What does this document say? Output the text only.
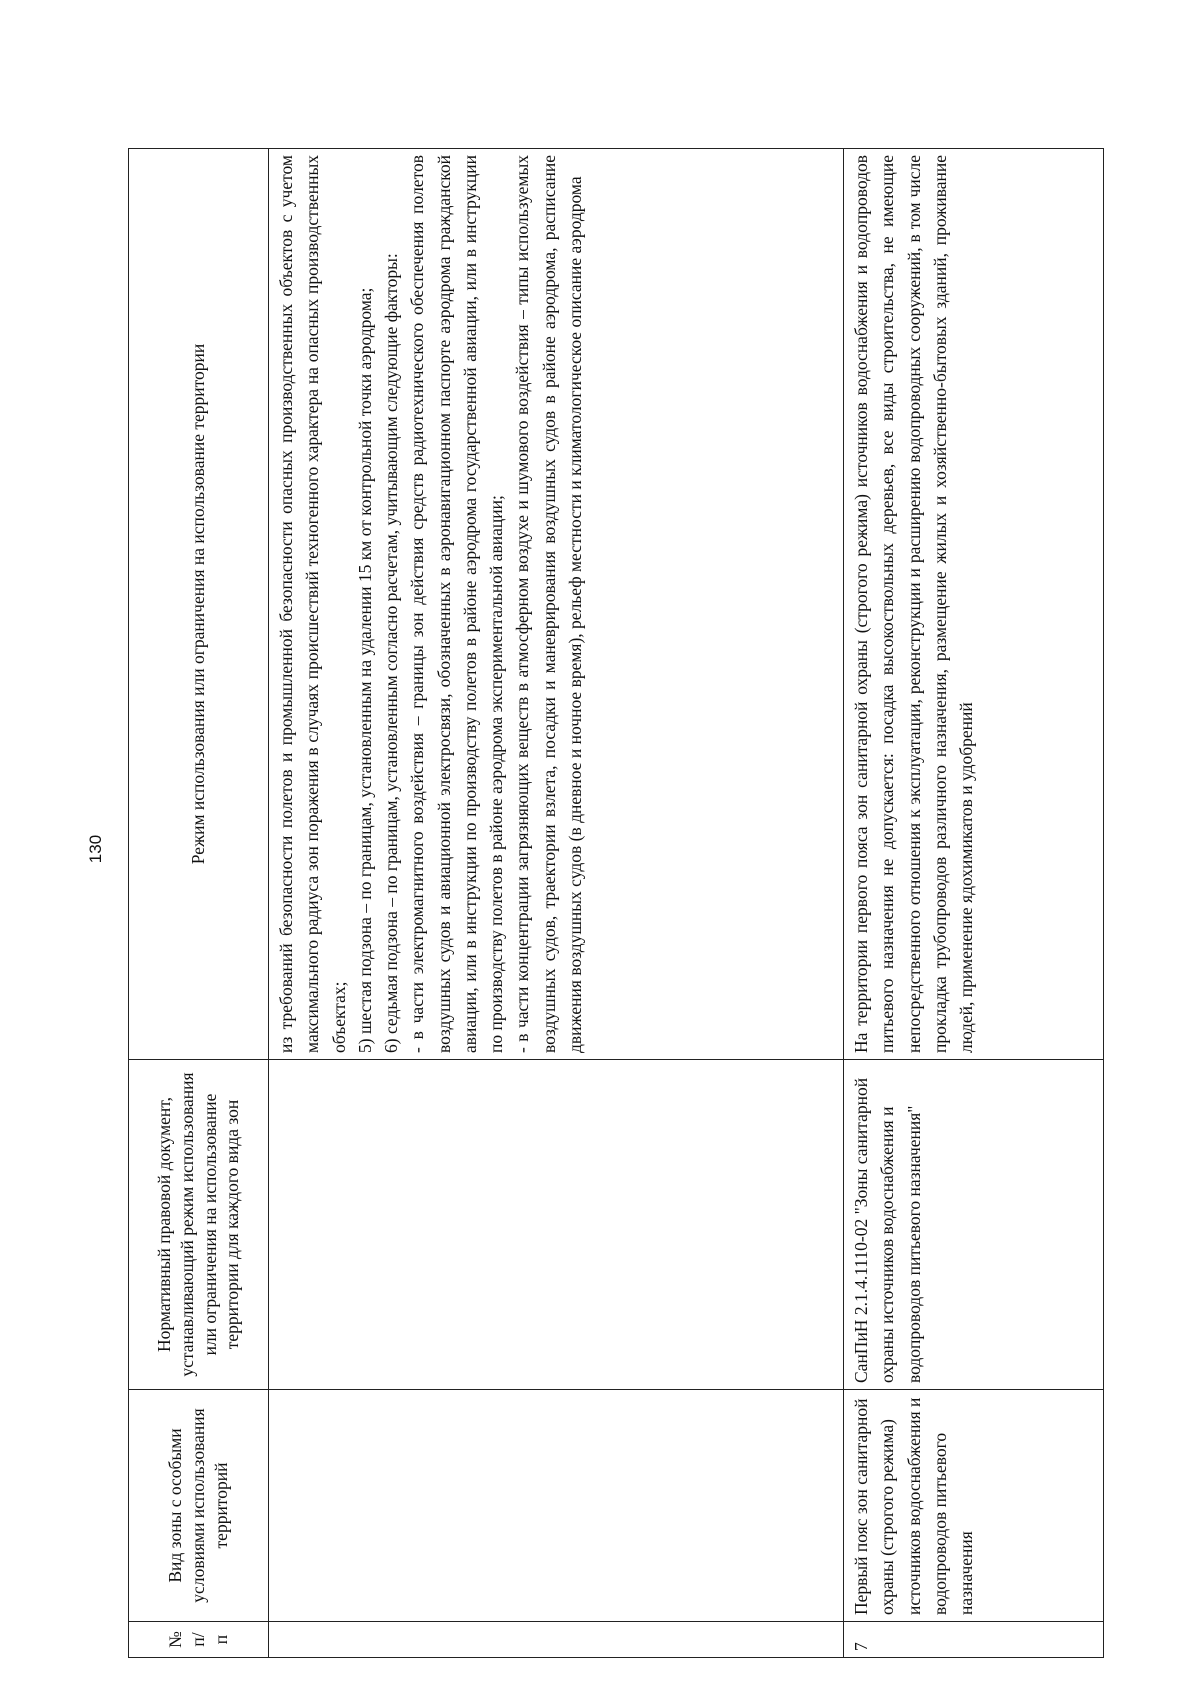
130
№ п/п	Вид зоны с особыми условиями использования территорий	Нормативный правовой документ, устанавливающий режим использования или ограничения на использование территории для каждого вида зон	Режим использования или ограничения на использование территории

			из требований безопасности полетов и промышленной безопасности опасных производственных объектов с учетом максимального радиуса зон поражения в случаях происшествий техногенного характера на опасных производственных объектах; 5) шестая подзона – по границам, установленным на удалении 15 км от контрольной точки аэродрома; 6) седьмая подзона – по границам, установленным согласно расчетам, учитывающим следующие факторы: - в части электромагнитного воздействия – границы зон действия средств радиотехнического обеспечения полетов воздушных судов и авиационной электросвязи, обозначенных в аэронавигационном паспорте аэродрома гражданской авиации, или в инструкции по производству полетов в районе аэродрома государственной авиации, или в инструкции по производству полетов в районе аэродрома экспериментальной авиации; - в части концентрации загрязняющих веществ в атмосферном воздухе и шумового воздействия – типы используемых воздушных судов, траектории взлета, посадки и маневрирования воздушных судов в районе аэродрома, расписание движения воздушных судов (в дневное и ночное время), рельеф местности и климатологическое описание аэродрома

7	Первый пояс зон санитарной охраны (строгого режима) источников водоснабжения и водопроводов питьевого назначения	СанПиН 2.1.4.1110-02 "Зоны санитарной охраны источников водоснабжения и водопроводов питьевого назначения"	На территории первого пояса зон санитарной охраны (строгого режима) источников водоснабжения и водопроводов питьевого назначения не допускается: посадка высокоствольных деревьев, все виды строительства, не имеющие непосредственного отношения к эксплуатации, реконструкции и расширению водопроводных сооружений, в том числе прокладка трубопроводов различного назначения, размещение жилых и хозяйственно-бытовых зданий, проживание людей, применение ядохимикатов и удобрений
